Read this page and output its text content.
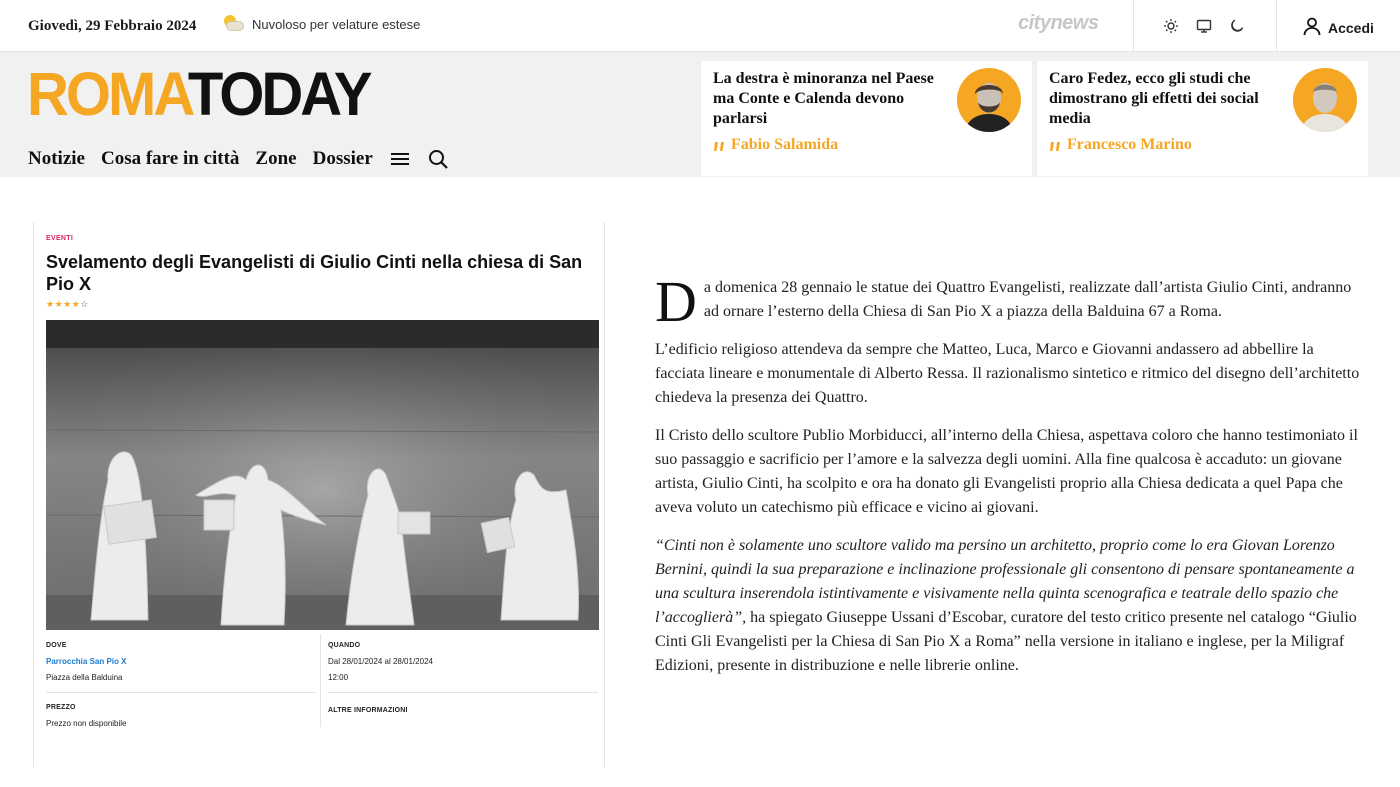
Giovedì, 29 Febbraio 2024	Nuvoloso per velature estese	citynews	Accedi
ROMATODAY
Notizie Cosa fare in città Zone Dossier
La destra è minoranza nel Paese ma Conte e Calenda devono parlarsi
Fabio Salamida
Caro Fedez, ecco gli studi che dimostrano gli effetti dei social media
Francesco Marino
EVENTI
Svelamento degli Evangelisti di Giulio Cinti nella chiesa di San Pio X
★★★★☆
DOVE
Parrocchia San Pio X
Piazza della Balduina
QUANDO
Dal 28/01/2024 al 28/01/2024
12:00
PREZZO
Prezzo non disponibile
ALTRE INFORMAZIONI

Da domenica 28 gennaio le statue dei Quattro Evangelisti, realizzate dall’artista Giulio Cinti, andranno ad ornare l’esterno della Chiesa di San Pio X a piazza della Balduina 67 a Roma.

L’edificio religioso attendeva da sempre che Matteo, Luca, Marco e Giovanni andassero ad abbellire la facciata lineare e monumentale di Alberto Ressa. Il razionalismo sintetico e ritmico del disegno dell’architetto chiedeva la presenza dei Quattro.

Il Cristo dello scultore Publio Morbiducci, all’interno della Chiesa, aspettava coloro che hanno testimoniato il suo passaggio e sacrificio per l’amore e la salvezza degli uomini. Alla fine qualcosa è accaduto: un giovane artista, Giulio Cinti, ha scolpito e ora ha donato gli Evangelisti proprio alla Chiesa dedicata a quel Papa che aveva voluto un catechismo più efficace e vicino ai giovani.

“Cinti non è solamente uno scultore valido ma persino un architetto, proprio come lo era Giovan Lorenzo Bernini, quindi la sua preparazione e inclinazione professionale gli consentono di pensare spontaneamente a una scultura inserendola istintivamente e visivamente nella quinta scenografica e teatrale dello spazio che l’accoglierà”, ha spiegato Giuseppe Ussani d’Escobar, curatore del testo critico presente nel catalogo “Giulio Cinti Gli Evangelisti per la Chiesa di San Pio X a Roma” nella versione in italiano e inglese, per la Miligraf Edizioni, presente in distribuzione e nelle librerie online.
